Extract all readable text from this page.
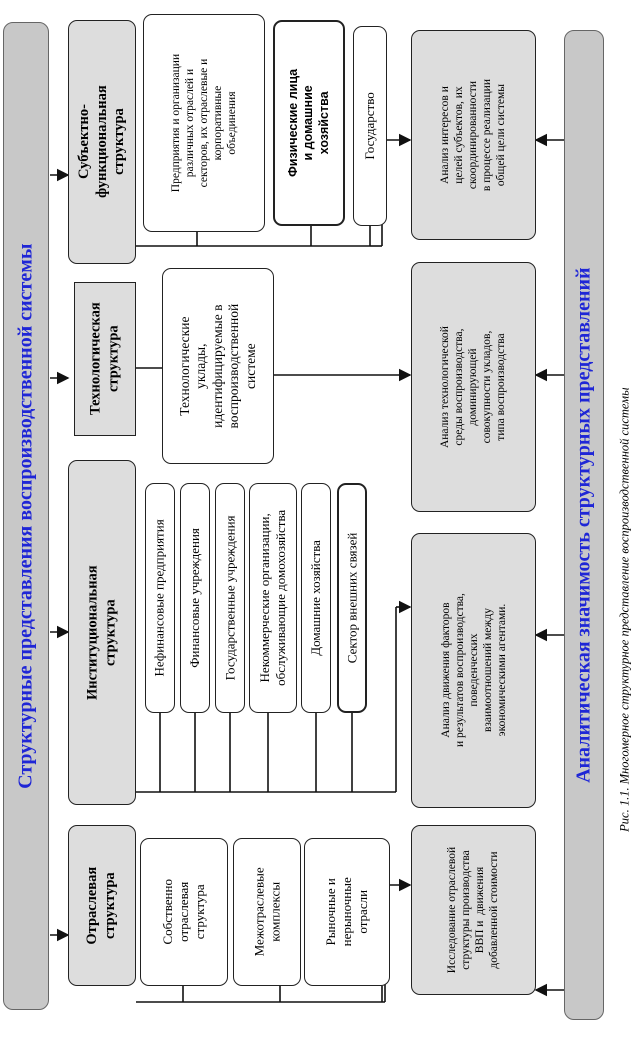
Структурные представления воспроизводственной системы
Отраслевая
структура
Институциональная
структура
Технологическая
структура
Субъектно-
функциональная
структура
Собственно
отраслевая
структура	Межотраслевые
комплексы	Рыночные и
нерыночные
отрасли
Нефинансовые предприятия Финансовые учреждения Государственные учреждения Некоммерческие организации,
обслуживающие домохозяйства Домашние хозяйства Сектор внешних связей
Технологические
уклады,
идентифицируемые в
воспроизводственной
системе
Предприятия и организации
различных отраслей и
секторов, их отраслевые и
корпоративные
объединения	Физические лица
и домашние
хозяйства Государство
Исследование отраслевой
структуры производства
ВВП и  движения
добавленной стоимости
Анализ движения факторов
и результатов воспроизводства,
поведенческих
взаимоотношений между
экономическими агентами.
Анализ технологической
среды воспроизводства,
доминирующей
совокупности укладов,
типа воспроизводства
Анализ интересов и
целей субъектов, их
скоординированности
в процессе реализации
общей цели системы
Аналитическая значимость структурных представлений Рис. 1.1. Многомерное структурное представление воспроизводственной системы
